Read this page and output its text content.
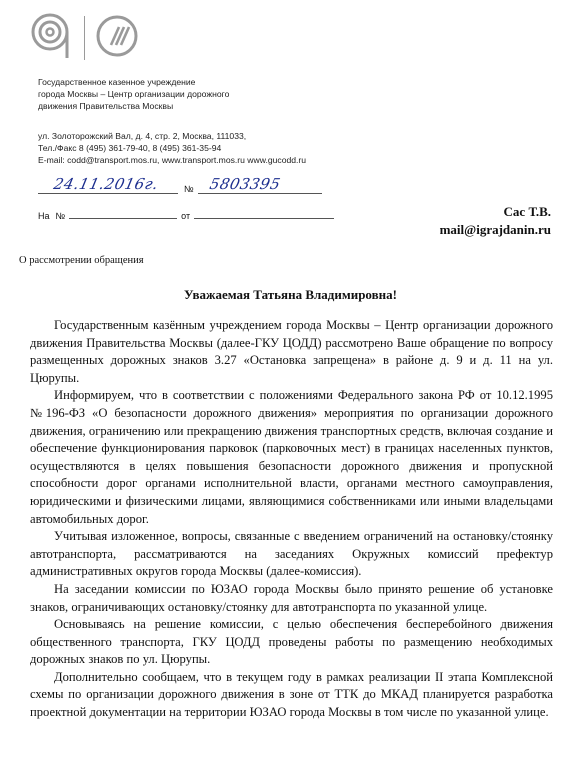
Государственное казенное учреждение
города Москвы – Центр организации дорожного
движения Правительства Москвы
ул. Золоторожский Вал, д. 4, стр. 2, Москва, 111033,
Тел./Факс 8 (495) 361-79-40, 8 (495) 361-35-94
E-mail: codd@transport.mos.ru, www.transport.mos.ru www.gucodd.ru
24.11.2016г.	№ 5803395
На №	от	Сас Т.В.
mail@igrajdanin.ru
О рассмотрении обращения
Уважаемая Татьяна Владимировна!

Государственным казённым учреждением города Москвы – Центр организации дорожного движения Правительства Москвы (далее-ГКУ ЦОДД) рассмотрено Ваше обращение по вопросу размещенных дорожных знаков 3.27 «Остановка запрещена» в районе д. 9 и д. 11 на ул. Цюрупы.

Информируем, что в соответствии с положениями Федерального закона РФ от 10.12.1995 №196-ФЗ «О безопасности дорожного движения» мероприятия по организации дорожного движения, ограничению или прекращению движения транспортных средств, включая создание и обеспечение функционирования парковок (парковочных мест) в границах населенных пунктов, осуществляются в целях повышения безопасности дорожного движения и пропускной способности дорог органами исполнительной власти, органами местного самоуправления, юридическими и физическими лицами, являющимися собственниками или иными владельцами автомобильных дорог.

Учитывая изложенное, вопросы, связанные с введением ограничений на остановку/стоянку автотранспорта, рассматриваются на заседаниях Окружных комиссий префектур административных округов города Москвы (далее-комиссия).

На заседании комиссии по ЮЗАО города Москвы было принято решение об установке знаков, ограничивающих остановку/стоянку для автотранспорта по указанной улице.

Основываясь на решение комиссии, с целью обеспечения бесперебойного движения общественного транспорта, ГКУ ЦОДД проведены работы по размещению необходимых дорожных знаков по ул. Цюрупы.

Дополнительно сообщаем, что в текущем году в рамках реализации II этапа Комплексной схемы по организации дорожного движения в зоне от ТТК до МКАД планируется разработка проектной документации на территории ЮЗАО города Москвы в том числе по указанной улице.
